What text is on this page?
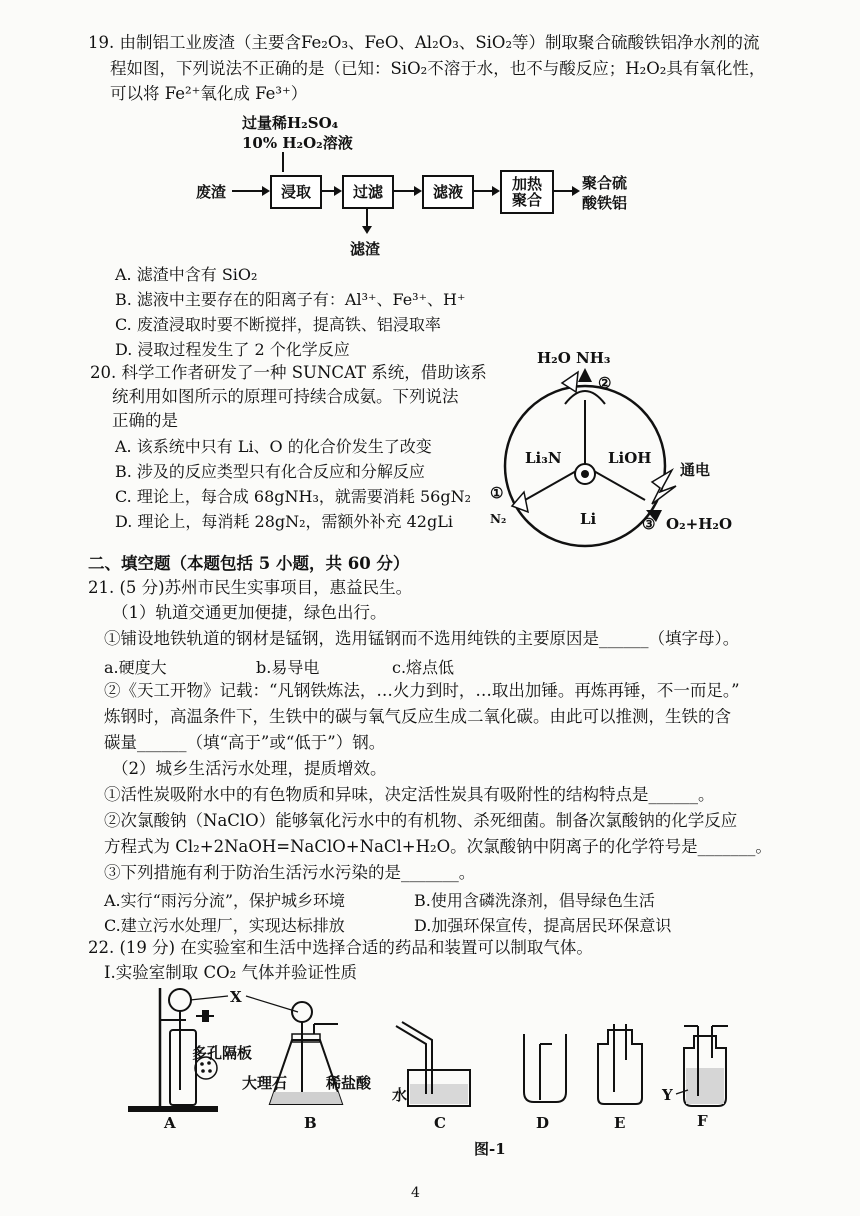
19. 由制铝工业废渣（主要含Fe₂O₃、FeO、Al₂O₃、SiO₂等）制取聚合硫酸铁铝净水剂的流
程如图，下列说法不正确的是（已知：SiO₂不溶于水，也不与酸反应；H₂O₂具有氧化性，
可以将 Fe²⁺氧化成 Fe³⁺）
过量稀H₂SO₄
10% H₂O₂溶液
废渣	浸取	过滤	滤液	加热
聚合
聚合硫
酸铁铝
滤渣
A. 滤渣中含有 SiO₂
B. 滤液中主要存在的阳离子有：Al³⁺、Fe³⁺、H⁺
C. 废渣浸取时要不断搅拌，提高铁、铝浸取率
D. 浸取过程发生了 2 个化学反应
20. 科学工作者研发了一种 SUNCAT 系统，借助该系
统利用如图所示的原理可持续合成氨。下列说法
正确的是
A. 该系统中只有 Li、O 的化合价发生了改变
B. 涉及的反应类型只有化合反应和分解反应
C. 理论上，每合成 68gNH₃，就需要消耗 56gN₂
D. 理论上，每消耗 28gN₂，需额外补充 42gLi
H₂O NH₃
②
Li₃N	LiOH
通电
①
N₂	Li	③ O₂+H₂O
二、填空题（本题包括 5 小题，共 60 分）
21. (5 分)苏州市民生实事项目，惠益民生。
（1）轨道交通更加便捷，绿色出行。
①铺设地铁轨道的钢材是锰钢，选用锰钢而不选用纯铁的主要原因是______（填字母）。
a.硬度大	b.易导电	c.熔点低
②《天工开物》记载：“凡钢铁炼法，…火力到时，…取出加锤。再炼再锤，不一而足。”
炼钢时，高温条件下，生铁中的碳与氧气反应生成二氧化碳。由此可以推测，生铁的含
碳量______（填“高于”或“低于”）钢。
（2）城乡生活污水处理，提质增效。
①活性炭吸附水中的有色物质和异味，决定活性炭具有吸附性的结构特点是______。
②次氯酸钠（NaClO）能够氧化污水中的有机物、杀死细菌。制备次氯酸钠的化学反应
方程式为 Cl₂+2NaOH=NaClO+NaCl+H₂O。次氯酸钠中阴离子的化学符号是_______。
③下列措施有利于防治生活污水污染的是_______。
A.实行“雨污分流”，保护城乡环境	B.使用含磷洗涤剂，倡导绿色生活
C.建立污水处理厂，实现达标排放	D.加强环保宣传，提高居民环保意识
22. (19 分) 在实验室和生活中选择合适的药品和装置可以制取气体。
I.实验室制取 CO₂ 气体并验证性质
X
多孔隔板
大理石	稀盐酸
水	Y
A	B	C	D	E	F
图-1
4
